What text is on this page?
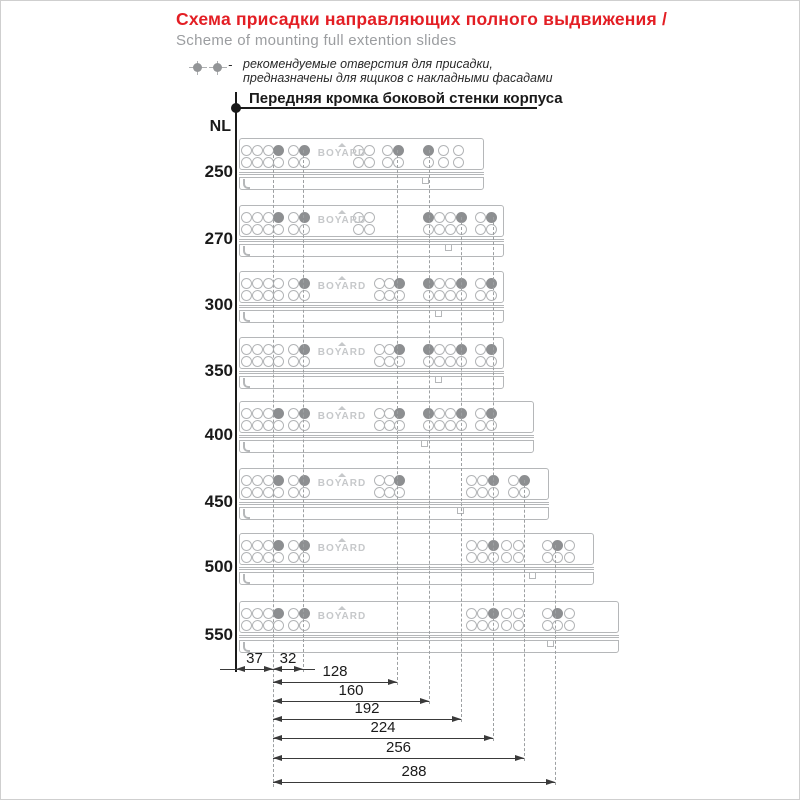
Схема присадки направляющих полного выдвижения /
Scheme of mounting full extention slides
- рекомендуемые отверстия для присадки,
предназначены для ящиков с накладными фасадами
Передняя кромка боковой стенки корпуса
NL
250
BOYARD
270
BOYARD
300
BOYARD
350
BOYARD
400
BOYARD
450
BOYARD
500
BOYARD
550
BOYARD
37	32
128
160
192
224
256
288
